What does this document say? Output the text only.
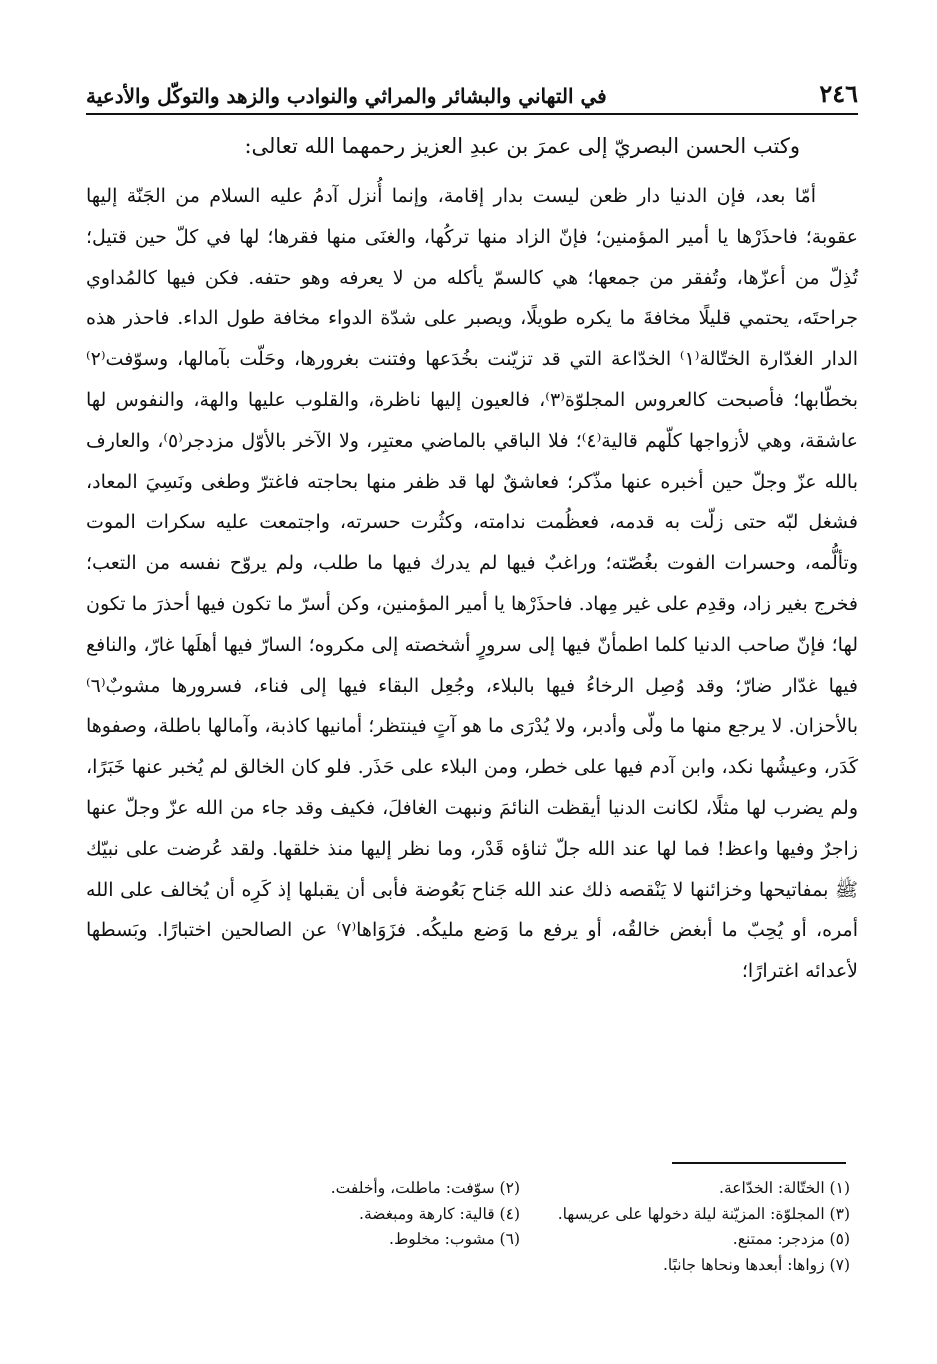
٢٤٦
في التهاني والبشائر والمراثي والنوادب والزهد والتوكّل والأدعية
وكتب الحسن البصريّ إلى عمرَ بن عبدِ العزيز رحمهما الله تعالى:

أمّا بعد، فإن الدنيا دار ظعن ليست بدار إقامة، وإنما أُنزل آدمُ عليه السلام من الجَنّة إليها عقوبة؛ فاحذَرْها يا أمير المؤمنين؛ فإنّ الزاد منها تركُها، والغنَى منها فقرها؛ لها في كلّ حين قتيل؛ تُذِلّ من أعزّها، وتُفقر من جمعها؛ هي كالسمّ يأكله من لا يعرفه وهو حتفه. فكن فيها كالمُداوي جراحتَه، يحتمي قليلًا مخافةَ ما يكره طويلًا، ويصبر على شدّة الدواء مخافة طول الداء. فاحذر هذه الدار الغدّارة الختّالة⁽١⁾ الخدّاعة التي قد تزيّنت بخُدَعها وفتنت بغرورها، وحَلّت بآمالها، وسوّفت⁽٢⁾ بخطّابها؛ فأصبحت كالعروس المجلوّة⁽٣⁾، فالعيون إليها ناظرة، والقلوب عليها والهة، والنفوس لها عاشقة، وهي لأزواجها كلّهم قالية⁽٤⁾؛ فلا الباقي بالماضي معتبِر، ولا الآخر بالأوّل مزدجر⁽٥⁾، والعارف بالله عزّ وجلّ حين أخبره عنها مذّكر؛ فعاشقٌ لها قد ظفر منها بحاجته فاغترّ وطغى ونَسِيَ المعاد، فشغل لبّه حتى زلّت به قدمه، فعظُمت ندامته، وكثُرت حسرته، واجتمعت عليه سكرات الموت وتألُّمه، وحسرات الفوت بغُصّته؛ وراغبٌ فيها لم يدرك فيها ما طلب، ولم يروّح نفسه من التعب؛ فخرج بغير زاد، وقدِم على غير مِهاد. فاحذَرْها يا أمير المؤمنين، وكن أسرّ ما تكون فيها أحذرَ ما تكون لها؛ فإنّ صاحب الدنيا كلما اطمأنّ فيها إلى سرورٍ أشخصته إلى مكروه؛ السارّ فيها أهلَها غارّ، والنافع فيها غدّار ضارّ؛ وقد وُصِل الرخاءُ فيها بالبلاء، وجُعِل البقاء فيها إلى فناء، فسرورها مشوبٌ⁽٦⁾ بالأحزان. لا يرجع منها ما ولّى وأدبر، ولا يُدْرَى ما هو آتٍ فينتظر؛ أمانيها كاذبة، وآمالها باطلة، وصفوها كَدَر، وعيشُها نكد، وابن آدم فيها على خطر، ومن البلاء على حَذَر. فلو كان الخالق لم يُخبر عنها خَبَرًا، ولم يضرب لها مثلًا، لكانت الدنيا أيقظت النائمَ ونبهت الغافلَ، فكيف وقد جاء من الله عزّ وجلّ عنها زاجرٌ وفيها واعظ! فما لها عند الله جلّ ثناؤه قَدْر، وما نظر إليها منذ خلقها. ولقد عُرضت على نبيّك ﷺ بمفاتيحها وخزائنها لا يَنْقصه ذلك عند الله جَناح بَعُوضة فأبى أن يقبلها إذ كَرِه أن يُخالف على الله أمره، أو يُحِبّ ما أبغض خالقُه، أو يرفع ما وَضع مليكُه. فزَوَاها⁽٧⁾ عن الصالحين اختبارًا. وبَسطها لأعدائه اغترارًا؛

(١) الختّالة: الخدّاعة.
(٢) سوّفت: ماطلت، وأخلفت.
(٣) المجلوّة: المزيّنة ليلة دخولها على عريسها.
(٤) قالية: كارهة ومبغضة.
(٥) مزدجر: ممتنع.
(٦) مشوب: مخلوط.
(٧) زواها: أبعدها ونحاها جانبًا.
